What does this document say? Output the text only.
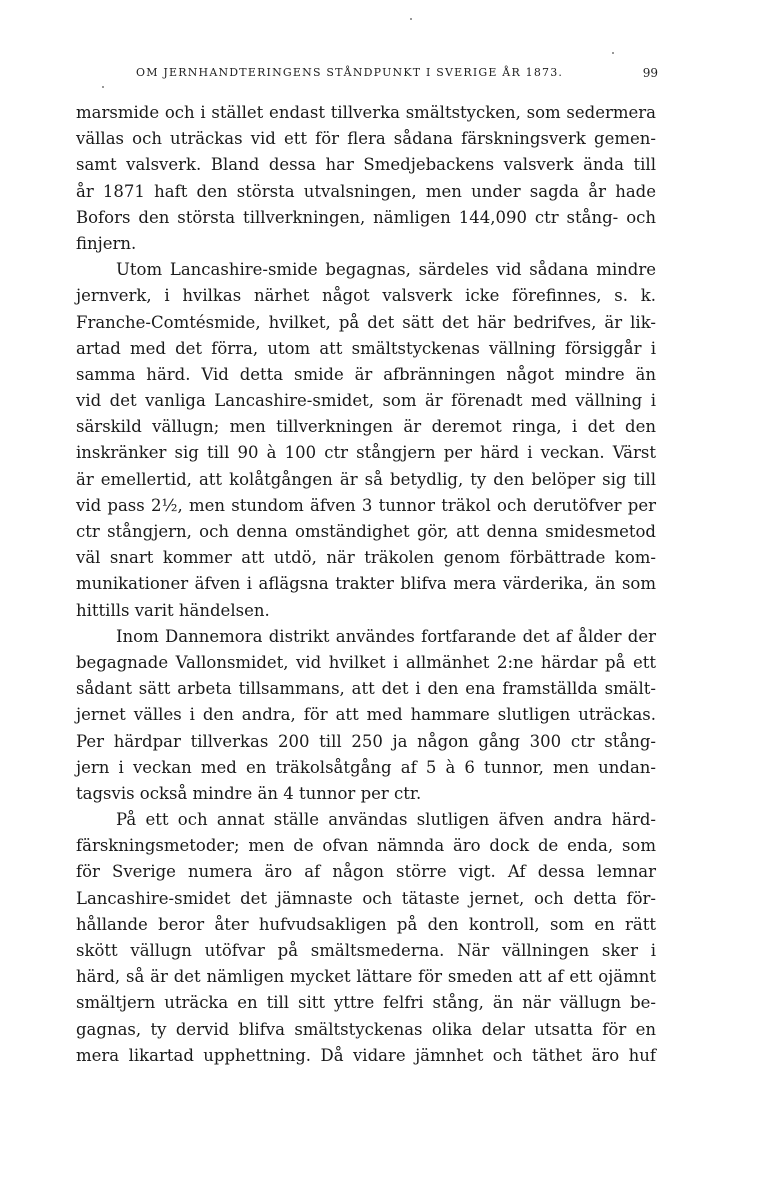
OM JERNHANDTERINGENS STÅNDPUNKT I SVERIGE ÅR 1873.	99
marsmide och i stället endast tillverka smältstycken, som sedermera
vällas och uträckas vid ett för flera sådana färskningsverk gemen-
samt valsverk. Bland dessa har Smedjebackens valsverk ända till
år 1871 haft den största utvalsningen, men under sagda år hade
Bofors den största tillverkningen, nämligen 144,090 ctr stång- och
finjern.
Utom Lancashire-smide begagnas, särdeles vid sådana mindre
jernverk, i hvilkas närhet något valsverk icke förefinnes, s. k.
Franche-Comtésmide, hvilket, på det sätt det här bedrifves, är lik-
artad med det förra, utom att smältstyckenas vällning försiggår i
samma härd. Vid detta smide är afbränningen något mindre än
vid det vanliga Lancashire-smidet, som är förenadt med vällning i
särskild vällugn; men tillverkningen är deremot ringa, i det den
inskränker sig till 90 à 100 ctr stångjern per härd i veckan. Värst
är emellertid, att kolåtgången är så betydlig, ty den belöper sig till
vid pass 2½, men stundom äfven 3 tunnor träkol och derutöfver per
ctr stångjern, och denna omständighet gör, att denna smidesmetod
väl snart kommer att utdö, när träkolen genom förbättrade kom-
munikationer äfven i aflägsna trakter blifva mera värderika, än som
hittills varit händelsen.
Inom Dannemora distrikt användes fortfarande det af ålder der
begagnade Vallonsmidet, vid hvilket i allmänhet 2:ne härdar på ett
sådant sätt arbeta tillsammans, att det i den ena framställda smält-
jernet välles i den andra, för att med hammare slutligen uträckas.
Per härdpar tillverkas 200 till 250 ja någon gång 300 ctr stång-
jern i veckan med en träkolsåtgång af 5 à 6 tunnor, men undan-
tagsvis också mindre än 4 tunnor per ctr.
På ett och annat ställe användas slutligen äfven andra härd-
färskningsmetoder; men de ofvan nämnda äro dock de enda, som
för Sverige numera äro af någon större vigt. Af dessa lemnar
Lancashire-smidet det jämnaste och tätaste jernet, och detta för-
hållande beror åter hufvudsakligen på den kontroll, som en rätt
skött vällugn utöfvar på smältsmederna. När vällningen sker i
härd, så är det nämligen mycket lättare för smeden att af ett ojämnt
smältjern uträcka en till sitt yttre felfri stång, än när vällugn be-
gagnas, ty dervid blifva smältstyckenas olika delar utsatta för en
mera likartad upphettning. Då vidare jämnhet och täthet äro huf
